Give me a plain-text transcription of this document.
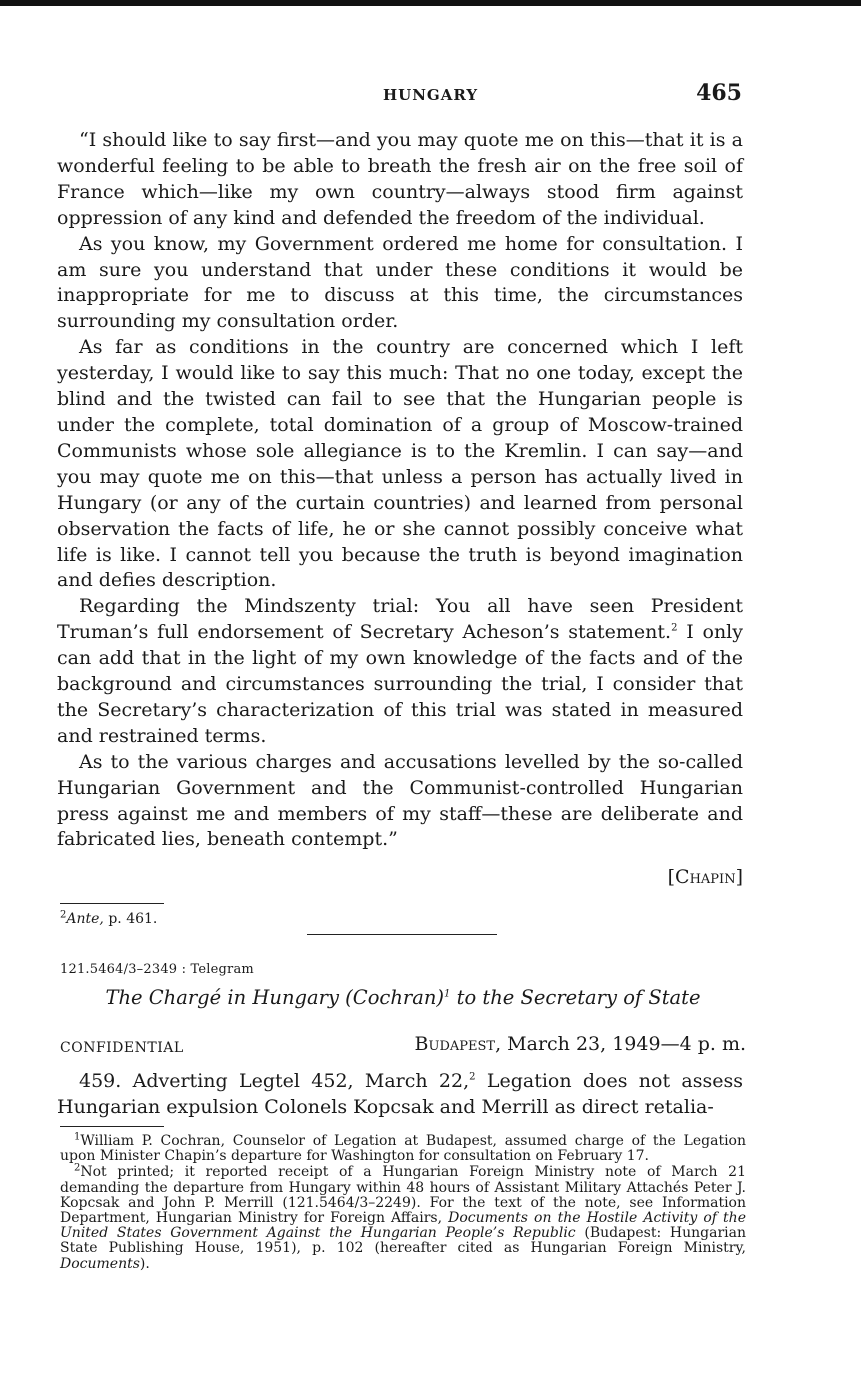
HUNGARY	465

“I should like to say first—and you may quote me on this—that it is a wonderful feeling to be able to breath the fresh air on the free soil of France which—like my own country—always stood firm against oppression of any kind and defended the freedom of the individual.

As you know, my Government ordered me home for consultation. I am sure you understand that under these conditions it would be inappropriate for me to discuss at this time, the circumstances surrounding my consultation order.

As far as conditions in the country are concerned which I left yesterday, I would like to say this much: That no one today, except the blind and the twisted can fail to see that the Hungarian people is under the complete, total domination of a group of Moscow-trained Communists whose sole allegiance is to the Kremlin. I can say—and you may quote me on this—that unless a person has actually lived in Hungary (or any of the curtain countries) and learned from personal observation the facts of life, he or she cannot possibly conceive what life is like. I cannot tell you because the truth is beyond imagination and defies description.

Regarding the Mindszenty trial: You all have seen President Truman’s full endorsement of Secretary Acheson’s statement.$^2$ I only can add that in the light of my own knowledge of the facts and of the background and circumstances surrounding the trial, I consider that the Secretary’s characterization of this trial was stated in measured and restrained terms.

As to the various charges and accusations levelled by the so-called Hungarian Government and the Communist-controlled Hungarian press against me and members of my staff—these are deliberate and fabricated lies, beneath contempt.”

[Chapin]
$^2$Ante, p. 461.
121.5464/3–2349 : Telegram
The Chargé in Hungary (Cochran)$^1$ to the Secretary of State
CONFIDENTIAL	Budapest, March 23, 1949—4 p. m.

459. Adverting Legtel 452, March 22,$^2$ Legation does not assess Hungarian expulsion Colonels Kopcsak and Merrill as direct retalia-

$^1$William P. Cochran, Counselor of Legation at Budapest, assumed charge of the Legation upon Minister Chapin’s departure for Washington for consultation on February 17.

$^2$Not printed; it reported receipt of a Hungarian Foreign Ministry note of March 21 demanding the departure from Hungary within 48 hours of Assistant Military Attachés Peter J. Kopcsak and John P. Merrill (121.5464/3–2249). For the text of the note, see Information Department, Hungarian Ministry for Foreign Affairs, Documents on the Hostile Activity of the United States Government Against the Hungarian People’s Republic (Budapest: Hungarian State Publishing House, 1951), p. 102 (hereafter cited as Hungarian Foreign Ministry, Documents).
